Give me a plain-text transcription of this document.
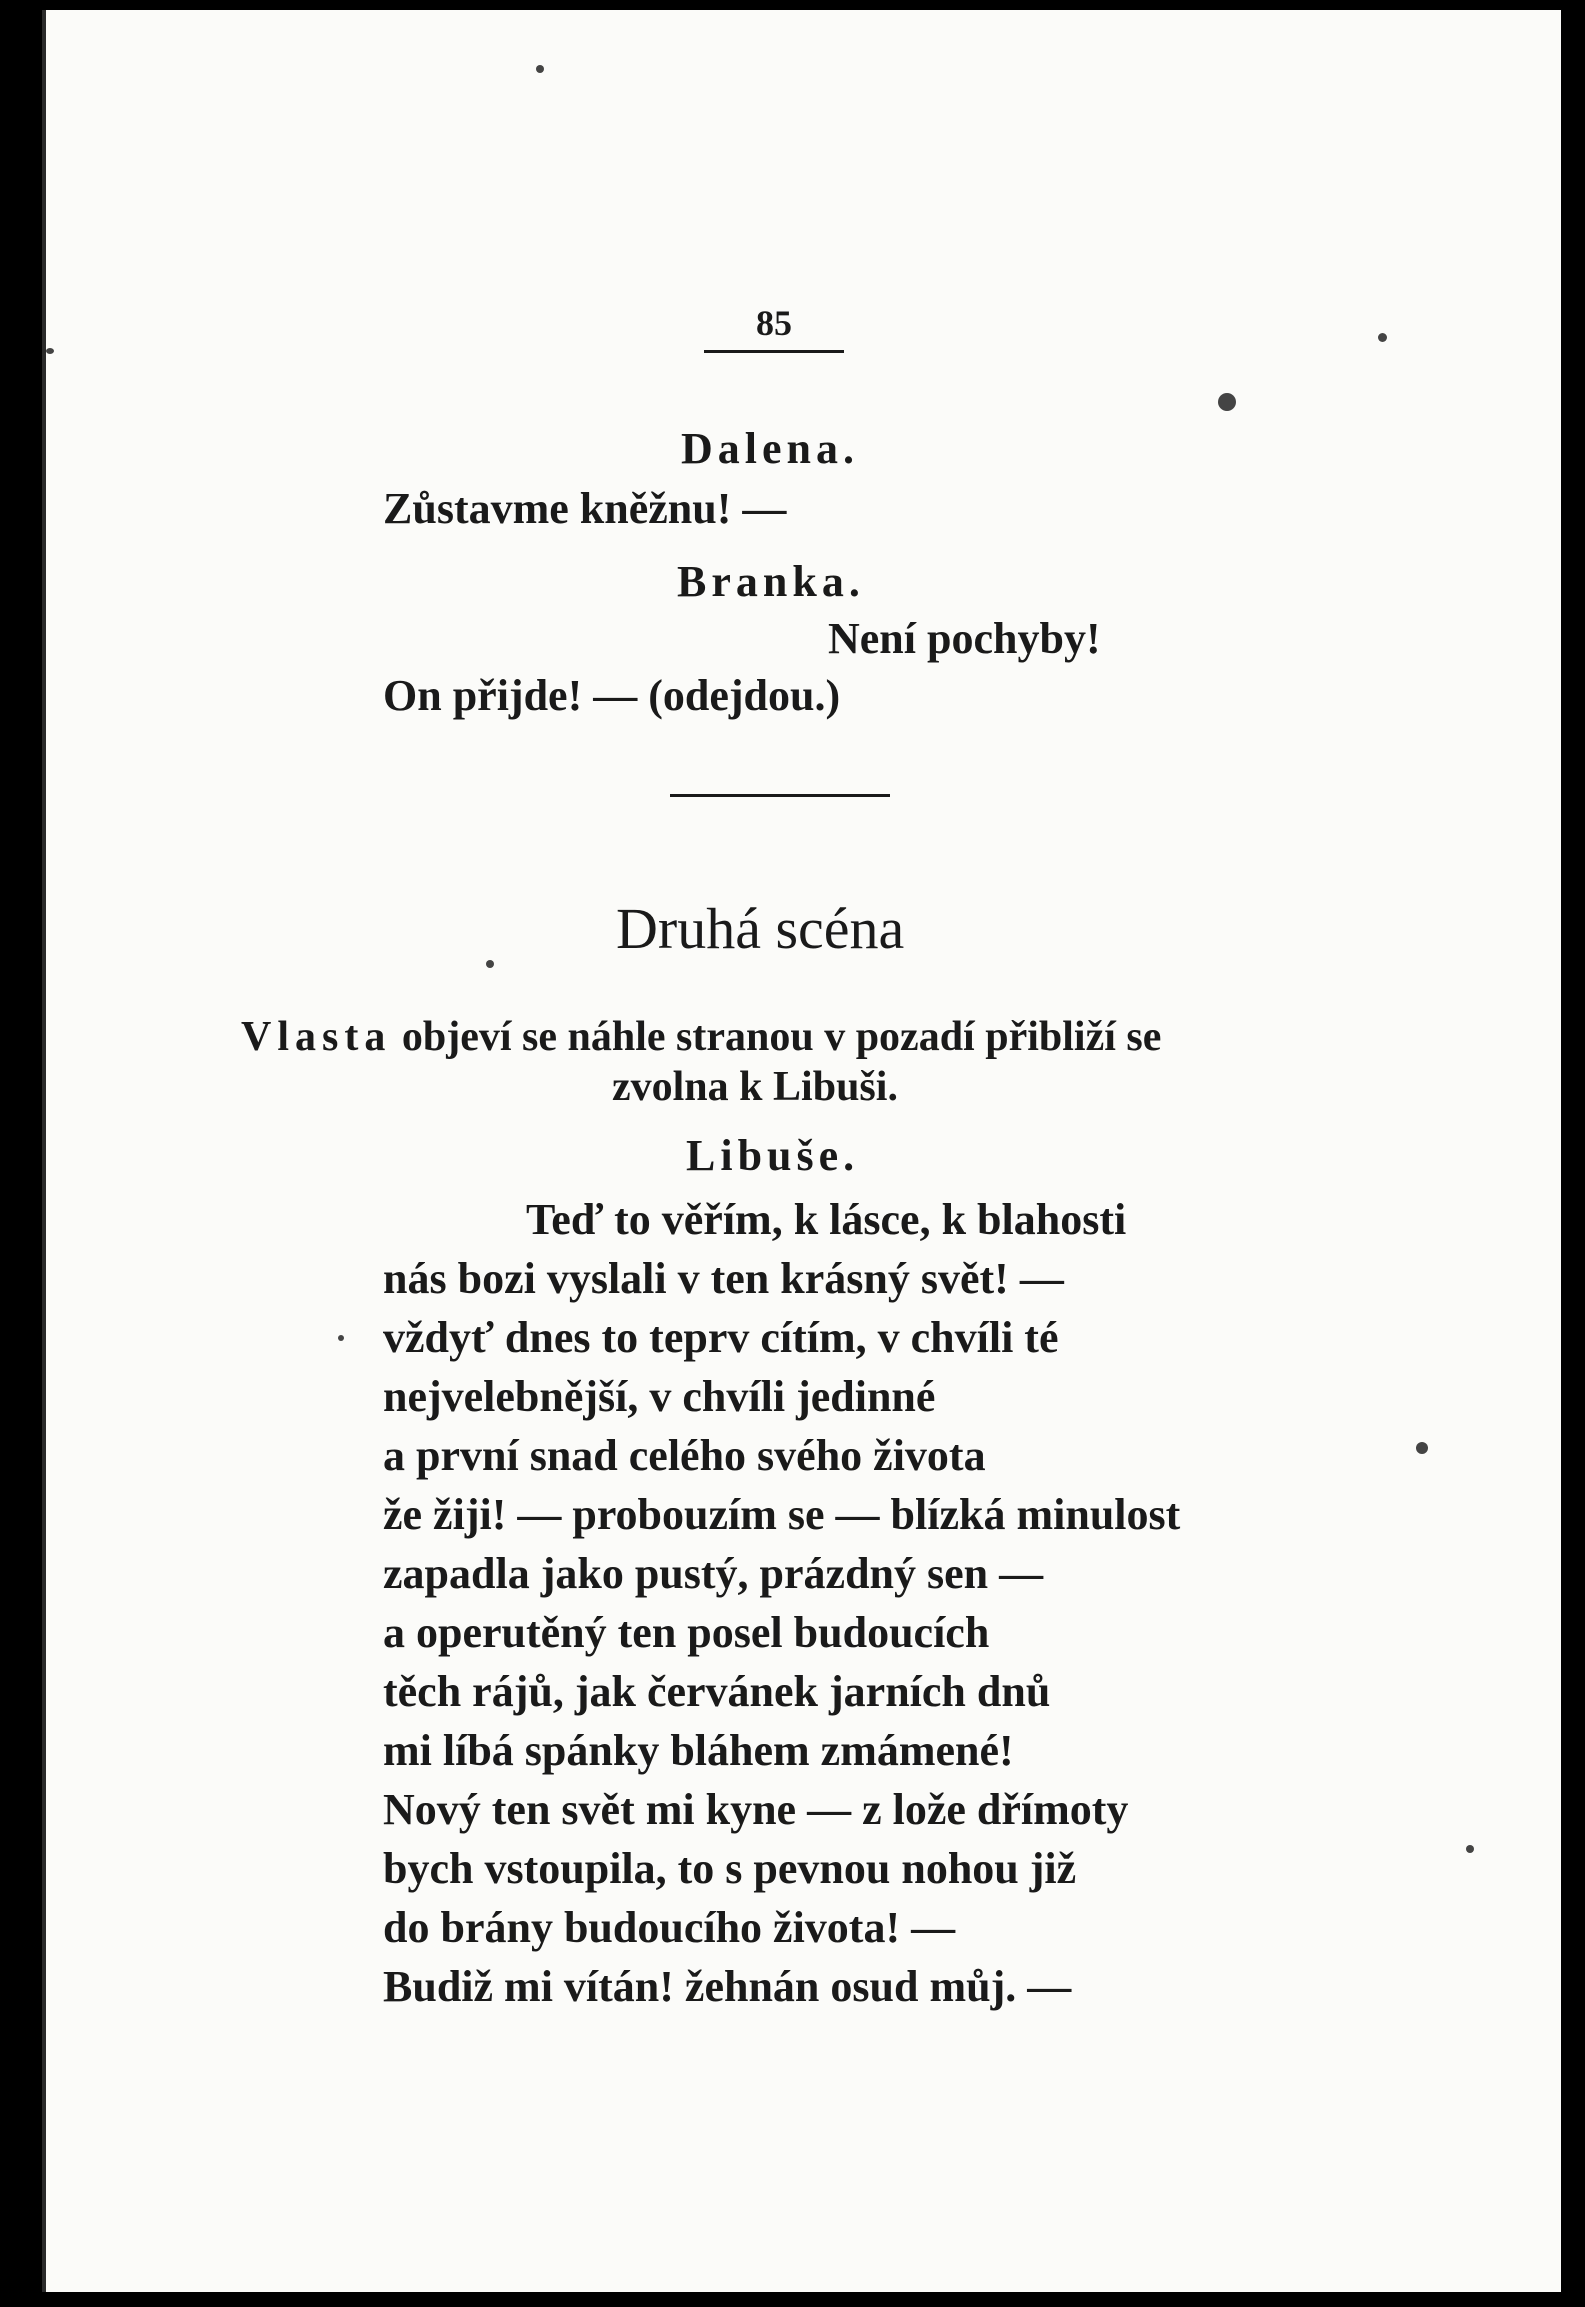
85
Dalena.
Zůstavme kněžnu! —
Branka.
Není pochyby!
On přijde! — (odejdou.)
Druhá scéna
Vlasta objeví se náhle stranou v pozadí přibliží se
zvolna k Libuši.
Libuše.
Teď to věřím, k lásce, k blahosti
nás bozi vyslali v ten krásný svět! —
vždyť dnes to teprv cítím, v chvíli té
nejvelebnější, v chvíli jedinné
a první snad celého svého života
že žiji! — probouzím se — blízká minulost
zapadla jako pustý, prázdný sen —
a operutěný ten posel budoucích
těch rájů, jak červánek jarních dnů
mi líbá spánky bláhem zmámené!
Nový ten svět mi kyne — z lože dřímoty
bych vstoupila, to s pevnou nohou již
do brány budoucího života! —
Budiž mi vítán! žehnán osud můj. —
